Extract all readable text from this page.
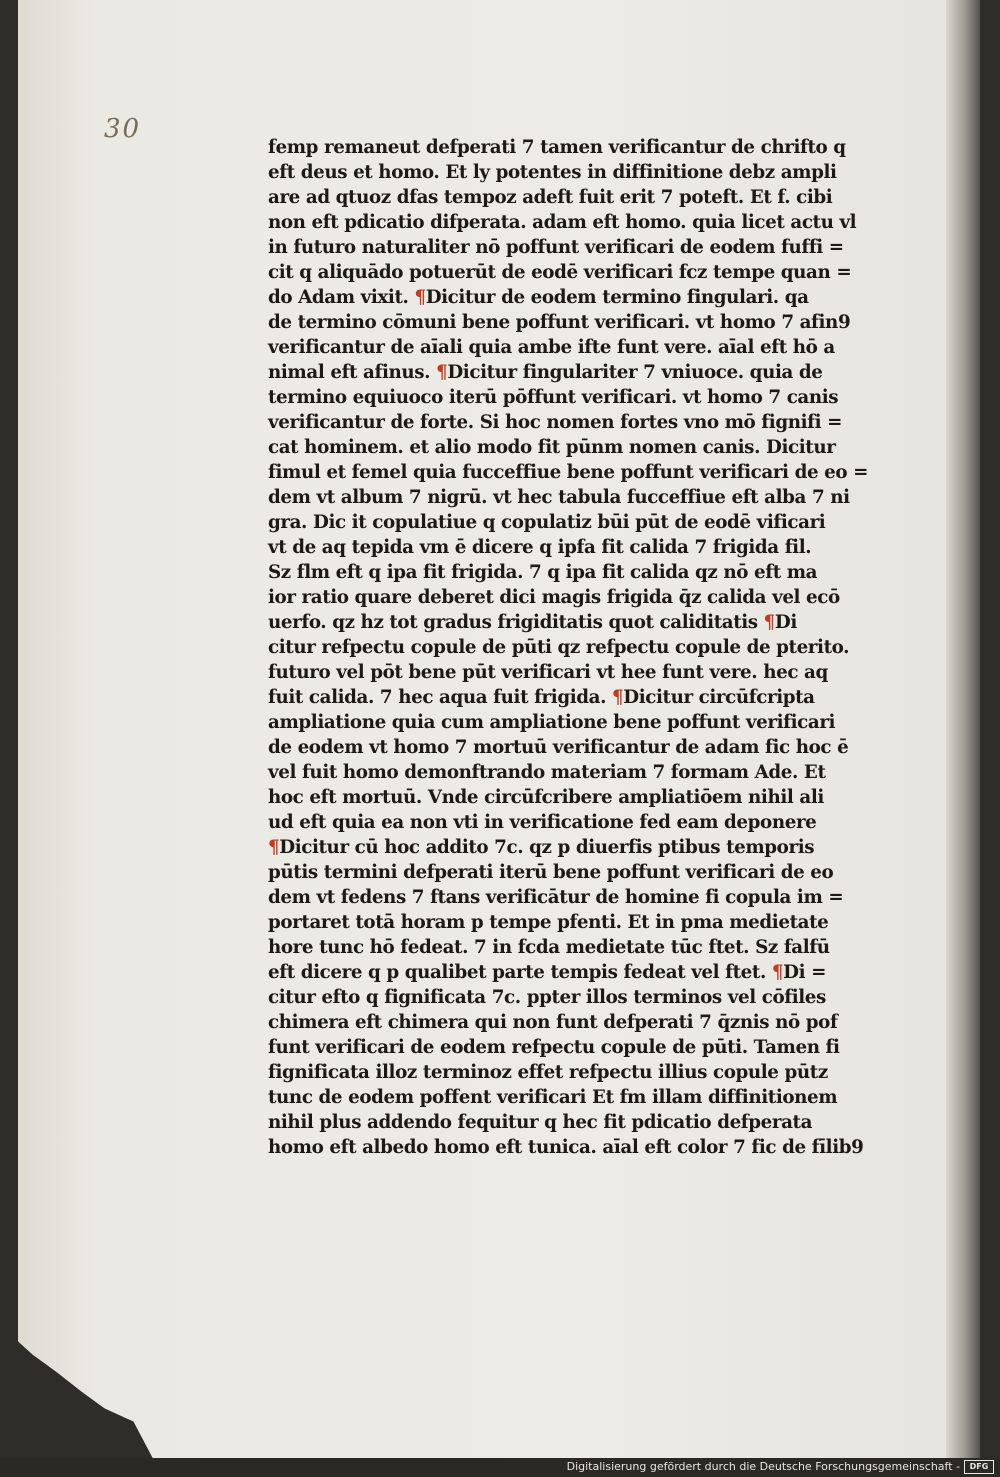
30
femp remaneut defperati 7 tamen verificantur de chrifto q
eft deus et homo. Et ly potentes in diffinitione debz ampli
are ad qtuoz dfas tempoz adeft fuit erit 7 poteft. Et f. cibi
non eft pdicatio difperata. adam eft homo. quia licet actu vl
in futuro naturaliter nō poffunt verificari de eodem fuffi =
cit q aliquādo potuerūt de eodē verificari fcz tempe quan =
do Adam vixit. ¶Dicitur de eodem termino fingulari. qa
de termino cōmuni bene poffunt verificari. vt homo 7 afin9
verificantur de aīali quia ambe ifte funt vere. aīal eft hō a
nimal eft afinus. ¶Dicitur fingulariter 7 vniuoce. quia de
termino equiuoco iterū pōffunt verificari. vt homo 7 canis
verificantur de forte. Si hoc nomen fortes vno mō fignifi =
cat hominem. et alio modo fit pūnm nomen canis. Dicitur
fimul et femel quia fucceffiue bene poffunt verificari de eo =
dem vt album 7 nigrū. vt hec tabula fucceffiue eft alba 7 ni
gra. Dic it copulatiue q copulatiz būi pūt de eodē vificari
vt de aq tepida vm ē dicere q ipfa fit calida 7 frigida fil.
Sz flm eft q ipa fit frigida. 7 q ipa fit calida qz nō eft ma
ior ratio quare deberet dici magis frigida q̄z calida vel ecō
uerfo. qz hz tot gradus frigiditatis quot caliditatis ¶Di
citur refpectu copule de pūti qz refpectu copule de pterito.
futuro vel pōt bene pūt verificari vt hee funt vere. hec aq
fuit calida. 7 hec aqua fuit frigida. ¶Dicitur circūfcripta
ampliatione quia cum ampliatione bene poffunt verificari
de eodem vt homo 7 mortuū verificantur de adam fic hoc ē
vel fuit homo demonftrando materiam 7 formam Ade. Et
hoc eft mortuū. Vnde circūfcribere ampliatiōem nihil ali
ud eft quia ea non vti in verificatione fed eam deponere
¶Dicitur cū hoc addito 7c. qz p diuerfis ptibus temporis
pūtis termini defperati iterū bene poffunt verificari de eo
dem vt fedens 7 ftans verificātur de homine fi copula im =
portaret totā horam p tempe pfenti. Et in pma medietate
hore tunc hō fedeat. 7 in fcda medietate tūc ftet. Sz falfū
eft dicere q p qualibet parte tempis fedeat vel ftet. ¶Di =
citur efto q fignificata 7c. ppter illos terminos vel cōfiles
chimera eft chimera qui non funt defperati 7 q̄znis nō pof
funt verificari de eodem refpectu copule de pūti. Tamen fi
fignificata illoz terminoz effet refpectu illius copule pūtz
tunc de eodem poffent verificari Et fm illam diffinitionem
nihil plus addendo fequitur q hec fit pdicatio defperata
homo eft albedo homo eft tunica. aīal eft color 7 fic de fīlib9
Digitalisierung gefördert durch die Deutsche Forschungsgemeinschaft -	DFG
